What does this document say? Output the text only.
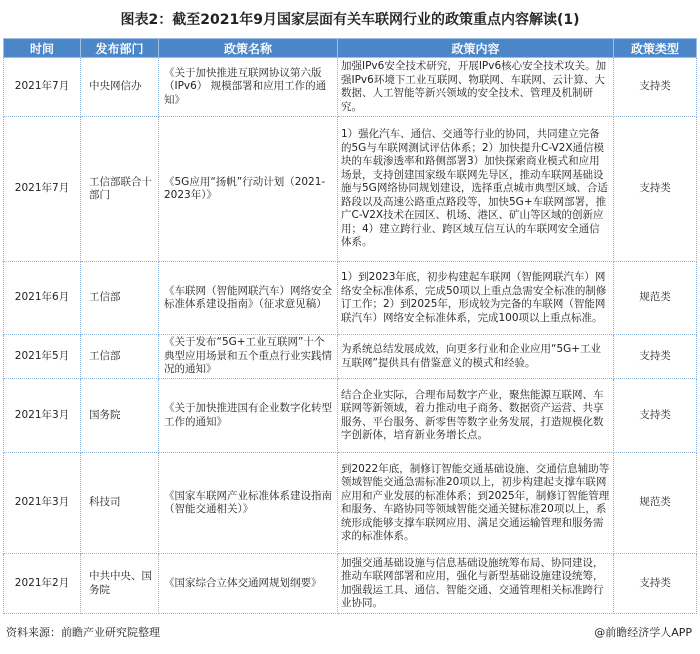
图表2：截至2021年9月国家层面有关车联网行业的政策重点内容解读(1)
时间	发布部门	政策名称	政策内容	政策类型
2021年7月	中央网信办	《关于加快推进互联网协议第六版（IPv6） 规模部署和应用工作的通知》	加强IPv6安全技术研究，开展IPv6核心安全技术攻关。加强IPv6环境下工业互联网、物联网、车联网、云计算、大数据、人工智能等新兴领域的安全技术、管理及机制研究。	支持类
2021年7月	工信部联合十部门	《5G应用“扬帆”行动计划（2021-2023年）》	1）强化汽车、通信、交通等行业的协同，共同建立完备的5G与车联网测试评估体系；2）加快提升C-V2X通信模块的车载渗透率和路侧部署3）加快探索商业模式和应用场景，支持创建国家级车联网先导区，推动车联网基础设施与5G网络协同规划建设，选择重点城市典型区域、合适路段以及高速公路重点路段等，加快5G+车联网部署，推广C-V2X技术在园区、机场、港区、矿山等区域的创新应用；4）建立跨行业、跨区域互信互认的车联网安全通信体系。	支持类
2021年6月	工信部	《车联网（智能网联汽车）网络安全标准体系建设指南》（征求意见稿）	1）到2023年底，初步构建起车联网（智能网联汽车）网络安全标准体系，完成50项以上重点急需安全标准的制修订工作；2）到2025年，形成较为完备的车联网（智能网联汽车）网络安全标准体系，完成100项以上重点标准。	规范类
2021年5月	工信部	《关于发布“5G+工业互联网”十个典型应用场景和五个重点行业实践情况的通知》	为系统总结发展成效，向更多行业和企业应用“5G+工业互联网”提供具有借鉴意义的模式和经验。	支持类
2021年3月	国务院	《关于加快推进国有企业数字化转型工作的通知》	结合企业实际，合理布局数字产业，聚焦能源互联网、车联网等新领域，着力推动电子商务、数据资产运营、共享服务、平台服务、新零售等数字业务发展，打造规模化数字创新体，培育新业务增长点。	支持类
2021年3月	科技司	《国家车联网产业标准体系建设指南（智能交通相关）》	到2022年底，制修订智能交通基础设施、交通信息辅助等领域智能交通急需标准20项以上，初步构建起支撑车联网应用和产业发展的标准体系；到2025年，制修订智能管理和服务、车路协同等领域智能交通关键标准20项以上，系统形成能够支撑车联网应用、满足交通运输管理和服务需求的标准体系。	规范类
2021年2月	中共中央、国务院	《国家综合立体交通网规划纲要》	加强交通基础设施与信息基础设施统筹布局、协同建设，推动车联网部署和应用，强化与新型基础设施建设统筹，加强载运工具、通信、智能交通、交通管理相关标准跨行业协同。	支持类
资料来源：前瞻产业研究院整理	@前瞻经济学人APP
